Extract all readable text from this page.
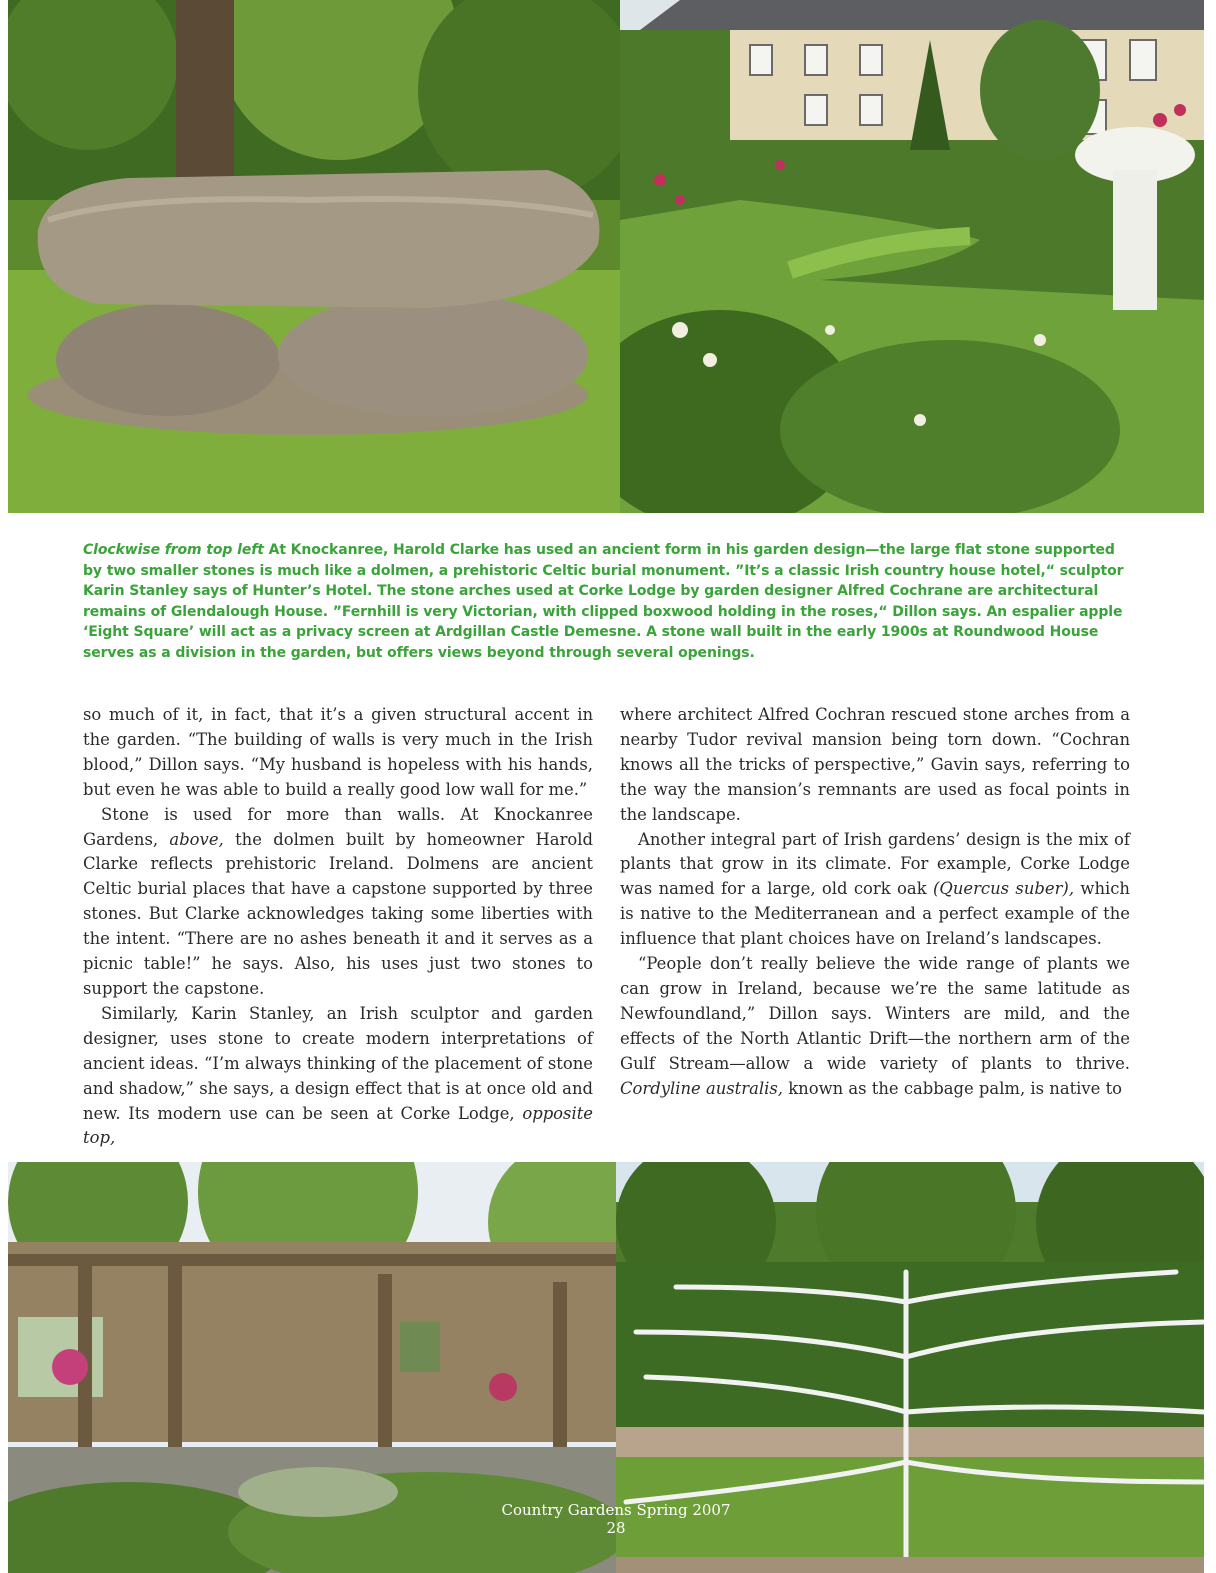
Clockwise from top left At Knockanree, Harold Clarke has used an ancient form in his garden design—the large flat stone supported by two smaller stones is much like a dolmen, a prehistoric Celtic burial monument. ”It’s a classic Irish country house hotel,“ sculptor Karin Stanley says of Hunter’s Hotel. The stone arches used at Corke Lodge by garden designer Alfred Cochrane are architectural remains of Glendalough House. ”Fernhill is very Victorian, with clipped boxwood holding in the roses,“ Dillon says. An espalier apple ‘Eight Square’ will act as a privacy screen at Ardgillan Castle Demesne. A stone wall built in the early 1900s at Roundwood House serves as a division in the garden, but offers views beyond through several openings.

so much of it, in fact, that it’s a given structural accent in the garden. “The building of walls is very much in the Irish blood,” Dillon says. “My husband is hopeless with his hands, but even he was able to build a really good low wall for me.”

Stone is used for more than walls. At Knockanree Gardens, above, the dolmen built by homeowner Harold Clarke reflects prehistoric Ireland. Dolmens are ancient Celtic burial places that have a capstone supported by three stones. But Clarke acknowledges taking some liberties with the intent. “There are no ashes beneath it and it serves as a picnic table!” he says. Also, his uses just two stones to support the capstone.

Similarly, Karin Stanley, an Irish sculptor and garden designer, uses stone to create modern interpretations of ancient ideas. “I’m always thinking of the placement of stone and shadow,” she says, a design effect that is at once old and new. Its modern use can be seen at Corke Lodge, opposite top,

where architect Alfred Cochran rescued stone arches from a nearby Tudor revival mansion being torn down. “Cochran knows all the tricks of perspective,” Gavin says, referring to the way the mansion’s remnants are used as focal points in the landscape.

Another integral part of Irish gardens’ design is the mix of plants that grow in its climate. For example, Corke Lodge was named for a large, old cork oak (Quercus suber), which is native to the Mediterranean and a perfect example of the influence that plant choices have on Ireland’s landscapes.

“People don’t really believe the wide range of plants we can grow in Ireland, because we’re the same latitude as Newfoundland,” Dillon says. Winters are mild, and the effects of the North Atlantic Drift—the northern arm of the Gulf Stream—allow a wide variety of plants to thrive. Cordyline australis, known as the cabbage palm, is native to

Country Gardens Spring 2007
28
